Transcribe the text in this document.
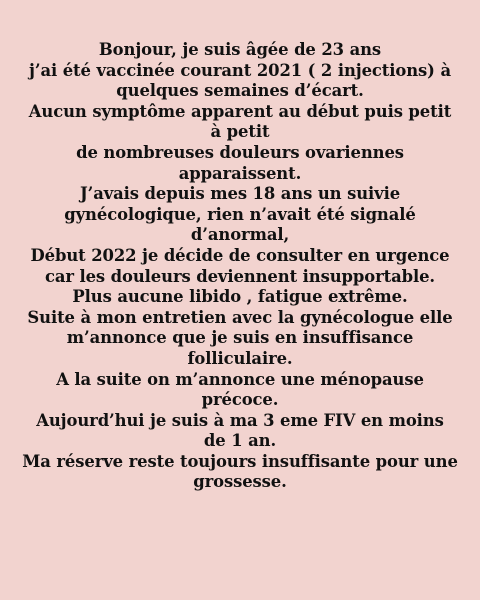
Bonjour, je suis âgée de 23 ans
j’ai été vaccinée courant 2021 ( 2 injections) à
quelques semaines d’écart.
Aucun symptôme apparent au début puis petit
à petit
de nombreuses douleurs ovariennes
apparaissent.
J’avais depuis mes 18 ans un suivie
gynécologique, rien n’avait été signalé
d’anormal,
Début 2022 je décide de consulter en urgence
car les douleurs deviennent insupportable.
Plus aucune libido , fatigue extrême.
Suite à mon entretien avec la gynécologue elle
m’annonce que je suis en insuffisance
folliculaire.
A la suite on m’annonce une ménopause
précoce.
Aujourd’hui je suis à ma 3 eme FIV en moins
de 1 an.
Ma réserve reste toujours insuffisante pour une
grossesse.
